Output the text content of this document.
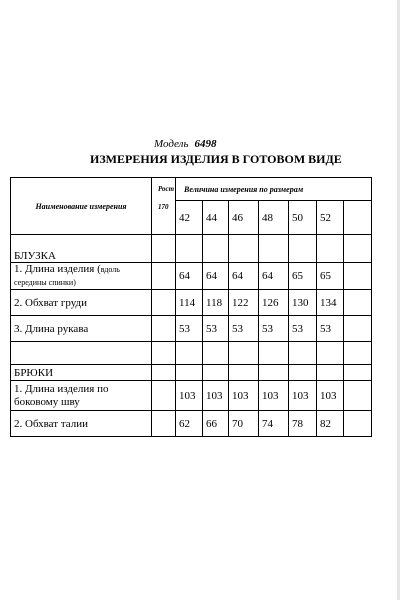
Модель 6498
ИЗМЕРЕНИЯ ИЗДЕЛИЯ В ГОТОВОМ ВИДЕ
Наименование измерения	Рост
170	Величина измерения по размерам						
		42	44	46	48	50	52	
БЛУЗКА								
1. Длина изделия (вдоль середины спинки)		64	64	64	64	65	65	
2. Обхват груди		114	118	122	126	130	134	
3. Длина рукава		53	53	53	53	53	53	

БРЮКИ								
1. Длина изделия по боковому шву		103	103	103	103	103	103	
2. Обхват талии		62	66	70	74	78	82	
